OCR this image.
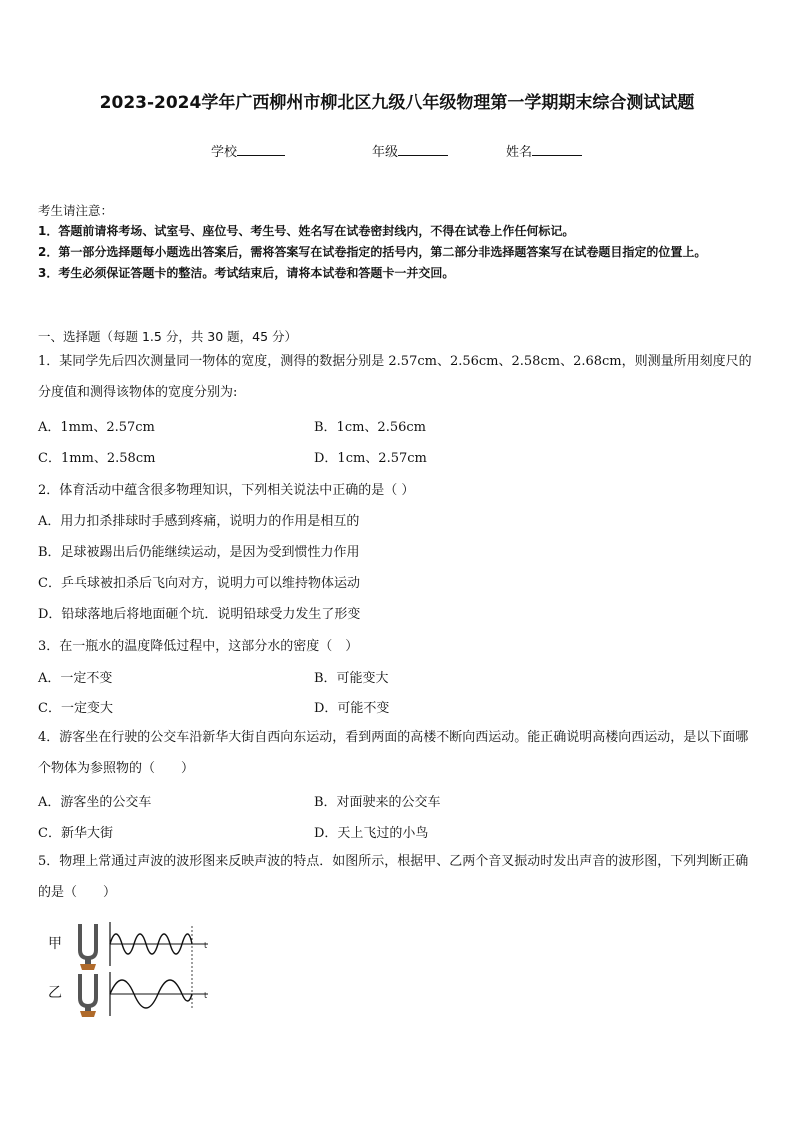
2023-2024学年广西柳州市柳北区九级八年级物理第一学期期末综合测试试题
学校	年级	姓名
考生请注意：
1．答题前请将考场、试室号、座位号、考生号、姓名写在试卷密封线内，不得在试卷上作任何标记。
2．第一部分选择题每小题选出答案后，需将答案写在试卷指定的括号内，第二部分非选择题答案写在试卷题目指定的位置上。
3．考生必须保证答题卡的整洁。考试结束后，请将本试卷和答题卡一并交回。
一、选择题（每题 1.5 分，共 30 题，45 分）
1．某同学先后四次测量同一物体的宽度，测得的数据分别是 2.57cm、2.56cm、2.58cm、2.68cm，则测量所用刻度尺的分度值和测得该物体的宽度分别为:
A．1mm、2.57cm	B．1cm、2.56cm
C．1mm、2.58cm	D．1cm、2.57cm
2．体育活动中蕴含很多物理知识，下列相关说法中正确的是（ ）
A．用力扣杀排球时手感到疼痛，说明力的作用是相互的
B．足球被踢出后仍能继续运动，是因为受到惯性力作用
C．乒乓球被扣杀后飞向对方，说明力可以维持物体运动
D．铅球落地后将地面砸个坑．说明铅球受力发生了形变
3．在一瓶水的温度降低过程中，这部分水的密度（　）
A．一定不变	B．可能变大
C．一定变大	D．可能不变
4．游客坐在行驶的公交车沿新华大街自西向东运动，看到两面的高楼不断向西运动。能正确说明高楼向西运动，是以下面哪个物体为参照物的（　　）
A．游客坐的公交车	B．对面驶来的公交车
C．新华大街	D．天上飞过的小鸟
5．物理上常通过声波的波形图来反映声波的特点．如图所示，根据甲、乙两个音叉振动时发出声音的波形图，下列判断正确的是（　　）
甲
乙
t
t
